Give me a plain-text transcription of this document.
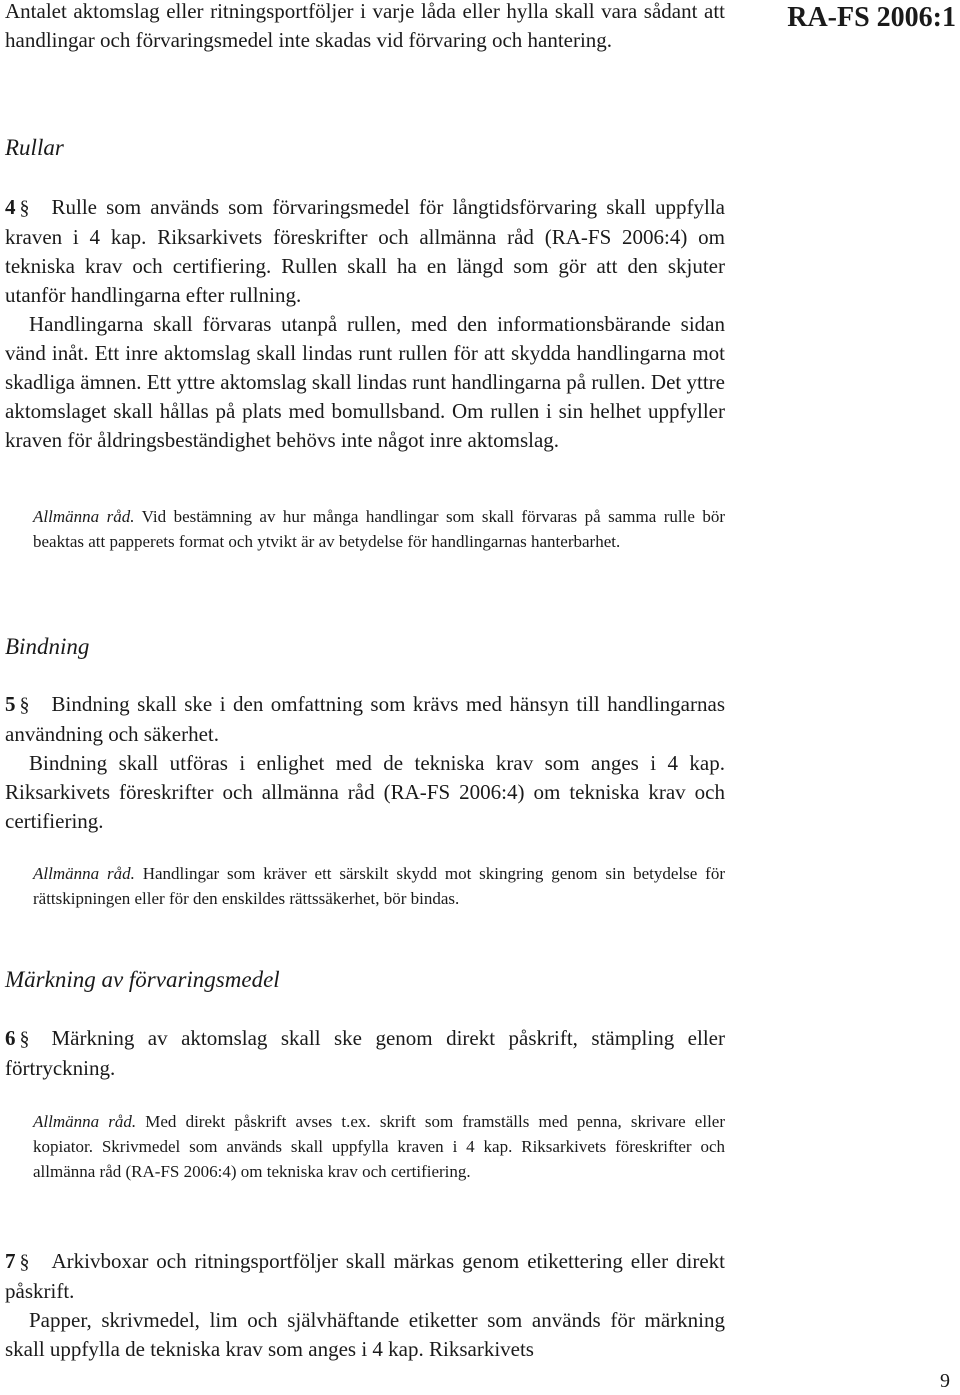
RA-FS 2006:1

Antalet aktomslag eller ritningsportföljer i varje låda eller hylla skall vara sådant att handlingar och förvaringsmedel inte skadas vid förvaring och hantering.

Rullar

4 § Rulle som används som förvaringsmedel för långtidsförvaring skall uppfylla kraven i 4 kap. Riksarkivets föreskrifter och allmänna råd (RA-FS 2006:4) om tekniska krav och certifiering. Rullen skall ha en längd som gör att den skjuter utanför handlingarna efter rullning.

Handlingarna skall förvaras utanpå rullen, med den informationsbärande sidan vänd inåt. Ett inre aktomslag skall lindas runt rullen för att skydda handlingarna mot skadliga ämnen. Ett yttre aktomslag skall lindas runt handlingarna på rullen. Det yttre aktomslaget skall hållas på plats med bomullsband. Om rullen i sin helhet uppfyller kraven för åldringsbeständighet behövs inte något inre aktomslag.

Allmänna råd. Vid bestämning av hur många handlingar som skall förvaras på samma rulle bör beaktas att papperets format och ytvikt är av betydelse för handlingarnas hanterbarhet.

Bindning

5 § Bindning skall ske i den omfattning som krävs med hänsyn till handlingarnas användning och säkerhet.

Bindning skall utföras i enlighet med de tekniska krav som anges i 4 kap. Riksarkivets föreskrifter och allmänna råd (RA-FS 2006:4) om tekniska krav och certifiering.

Allmänna råd. Handlingar som kräver ett särskilt skydd mot skingring genom sin betydelse för rättskipningen eller för den enskildes rättssäkerhet, bör bindas.

Märkning av förvaringsmedel

6 § Märkning av aktomslag skall ske genom direkt påskrift, stämpling eller förtryckning.

Allmänna råd. Med direkt påskrift avses t.ex. skrift som framställs med penna, skrivare eller kopiator. Skrivmedel som används skall uppfylla kraven i 4 kap. Riksarkivets föreskrifter och allmänna råd (RA-FS 2006:4) om tekniska krav och certifiering.

7 § Arkivboxar och ritningsportföljer skall märkas genom etikettering eller direkt påskrift.

Papper, skrivmedel, lim och självhäftande etiketter som används för märkning skall uppfylla de tekniska krav som anges i 4 kap. Riksarkivets

9
